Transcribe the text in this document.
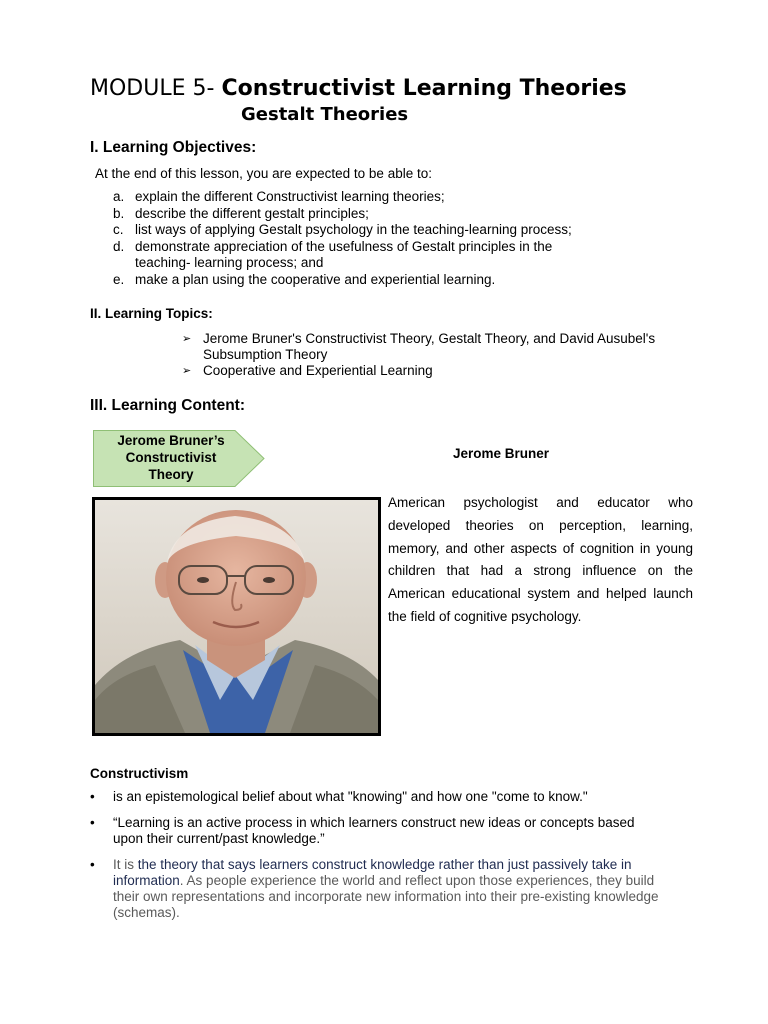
MODULE 5- Constructivist Learning Theories
Gestalt Theories
I. Learning Objectives:
At the end of this lesson, you are expected to be able to:
a. explain the different Constructivist learning theories;
b. describe the different gestalt principles;
c. list ways of applying Gestalt psychology in the teaching-learning process;
d. demonstrate appreciation of the usefulness of Gestalt principles in the teaching- learning process; and
e. make a plan using the cooperative and experiential learning.
II. Learning Topics:
➢ Jerome Bruner's Constructivist Theory, Gestalt Theory, and David Ausubel's Subsumption Theory
➢ Cooperative and Experiential Learning
III. Learning Content:
Jerome Bruner’s
Constructivist
Theory
Jerome Bruner
American psychologist and educator who developed theories on perception, learning, memory, and other aspects of cognition in young children that had a strong influence on the American educational system and helped launch the field of cognitive psychology.
Constructivism
• is an epistemological belief about what "knowing" and how one "come to know."
• “Learning is an active process in which learners construct new ideas or concepts based upon their current/past knowledge.”
• It is the theory that says learners construct knowledge rather than just passively take in information. As people experience the world and reflect upon those experiences, they build their own representations and incorporate new information into their pre-existing knowledge (schemas).
